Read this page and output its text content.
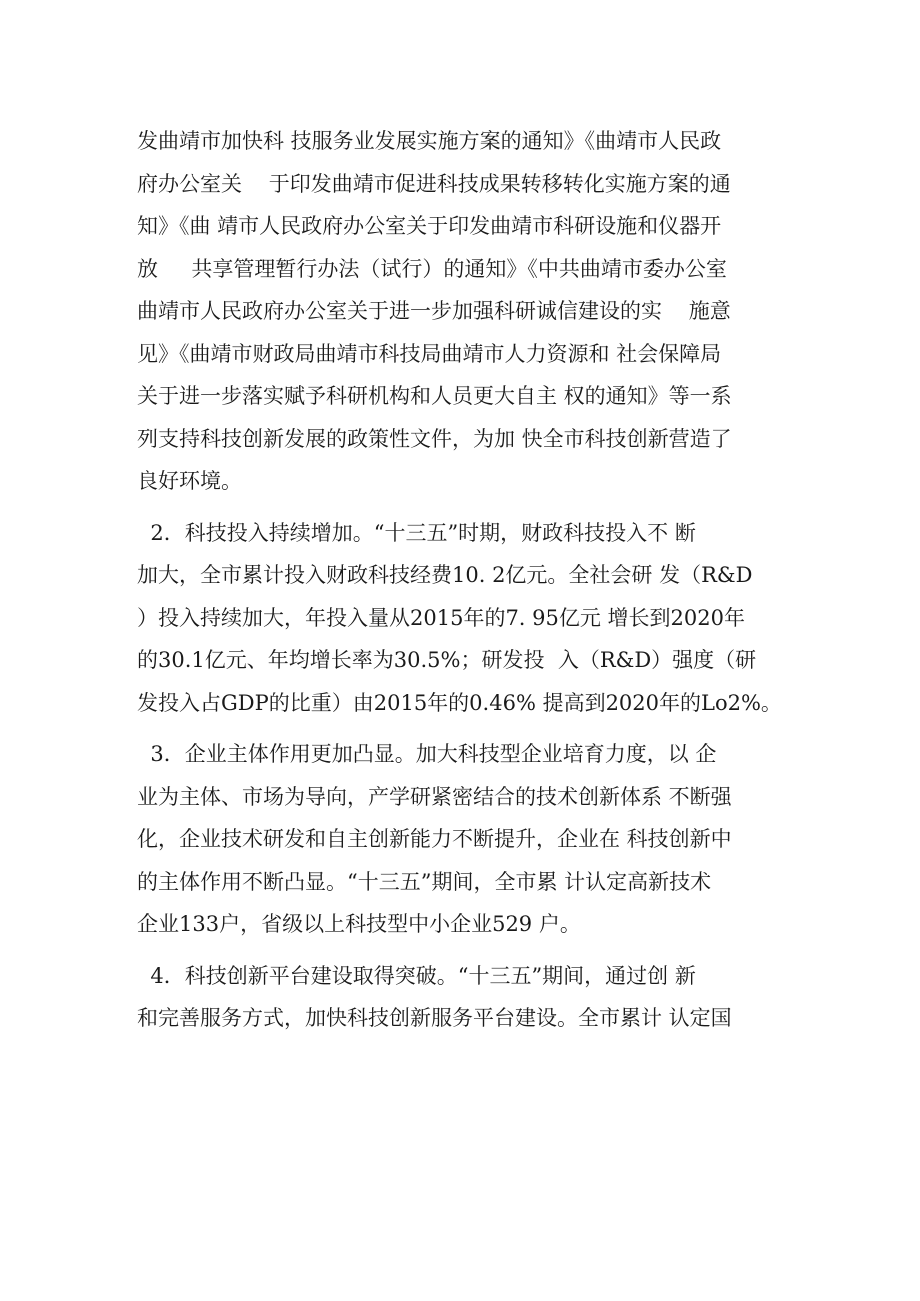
发曲靖市加快科 技服务业发展实施方案的通知》《曲靖市人民政
府办公室关    于印发曲靖市促进科技成果转移转化实施方案的通
知》《曲 靖市人民政府办公室关于印发曲靖市科研设施和仪器开
放     共享管理暂行办法（试行）的通知》《中共曲靖市委办公室
曲靖市人民政府办公室关于进一步加强科研诚信建设的实    施意
见》《曲靖市财政局曲靖市科技局曲靖市人力资源和 社会保障局
关于进一步落实赋予科研机构和人员更大自主 权的通知》等一系
列支持科技创新发展的政策性文件，为加 快全市科技创新营造了
良好环境。
2．科技投入持续增加。“十三五”时期，财政科技投入不 断
加大，全市累计投入财政科技经费10. 2亿元。全社会研 发（R&D
）投入持续加大，年投入量从2015年的7. 95亿元 增长到2020年
的30.1亿元、年均增长率为30.5%；研发投  入（R&D）强度（研
发投入占GDP的比重）由2015年的0.46% 提高到2020年的Lo2%。
3．企业主体作用更加凸显。加大科技型企业培育力度，以 企
业为主体、市场为导向，产学研紧密结合的技术创新体系 不断强
化，企业技术研发和自主创新能力不断提升，企业在 科技创新中
的主体作用不断凸显。“十三五”期间，全市累 计认定高新技术
企业133户，省级以上科技型中小企业529 户。
4．科技创新平台建设取得突破。“十三五”期间，通过创 新
和完善服务方式，加快科技创新服务平台建设。全市累计 认定国
